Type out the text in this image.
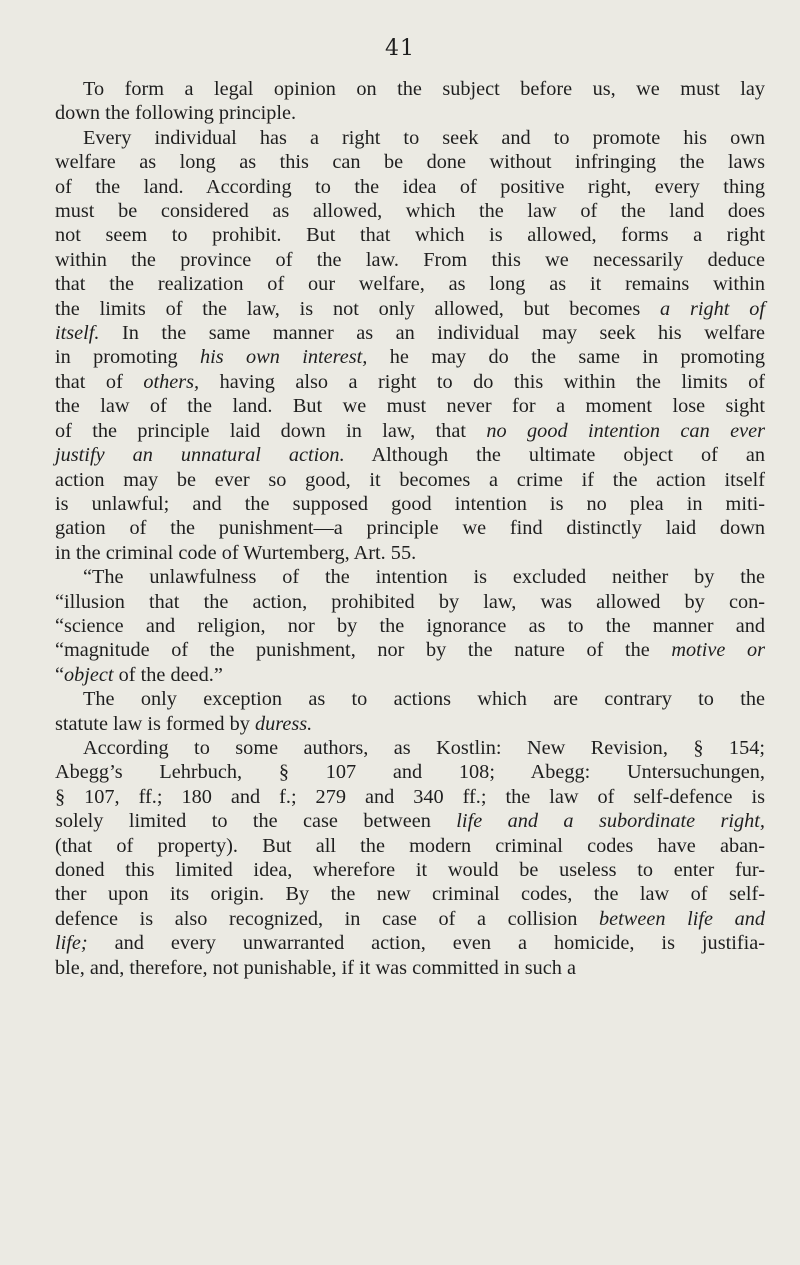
41
To form a legal opinion on the subject before us, we must lay
down the following principle.
Every individual has a right to seek and to promote his own
welfare as long as this can be done without infringing the laws
of the land. According to the idea of positive right, every thing
must be considered as allowed, which the law of the land does
not seem to prohibit. But that which is allowed, forms a right
within the province of the law. From this we necessarily deduce
that the realization of our welfare, as long as it remains within
the limits of the law, is not only allowed, but becomes a right of
itself. In the same manner as an individual may seek his welfare
in promoting his own interest, he may do the same in promoting
that of others, having also a right to do this within the limits of
the law of the land. But we must never for a moment lose sight
of the principle laid down in law, that no good intention can ever
justify an unnatural action. Although the ultimate object of an
action may be ever so good, it becomes a crime if the action itself
is unlawful; and the supposed good intention is no plea in miti-
gation of the punishment—a principle we find distinctly laid down
in the criminal code of Wurtemberg, Art. 55.
“The unlawfulness of the intention is excluded neither by the
“illusion that the action, prohibited by law, was allowed by con-
“science and religion, nor by the ignorance as to the manner and
“magnitude of the punishment, nor by the nature of the motive or
“object of the deed.”
The only exception as to actions which are contrary to the
statute law is formed by duress.
According to some authors, as Kostlin: New Revision, § 154;
Abegg’s Lehrbuch, § 107 and 108; Abegg: Untersuchungen,
§ 107, ff.; 180 and f.; 279 and 340 ff.; the law of self-defence is
solely limited to the case between life and a subordinate right,
(that of property). But all the modern criminal codes have aban-
doned this limited idea, wherefore it would be useless to enter fur-
ther upon its origin. By the new criminal codes, the law of self-
defence is also recognized, in case of a collision between life and
life; and every unwarranted action, even a homicide, is justifia-
ble, and, therefore, not punishable, if it was committed in such a
